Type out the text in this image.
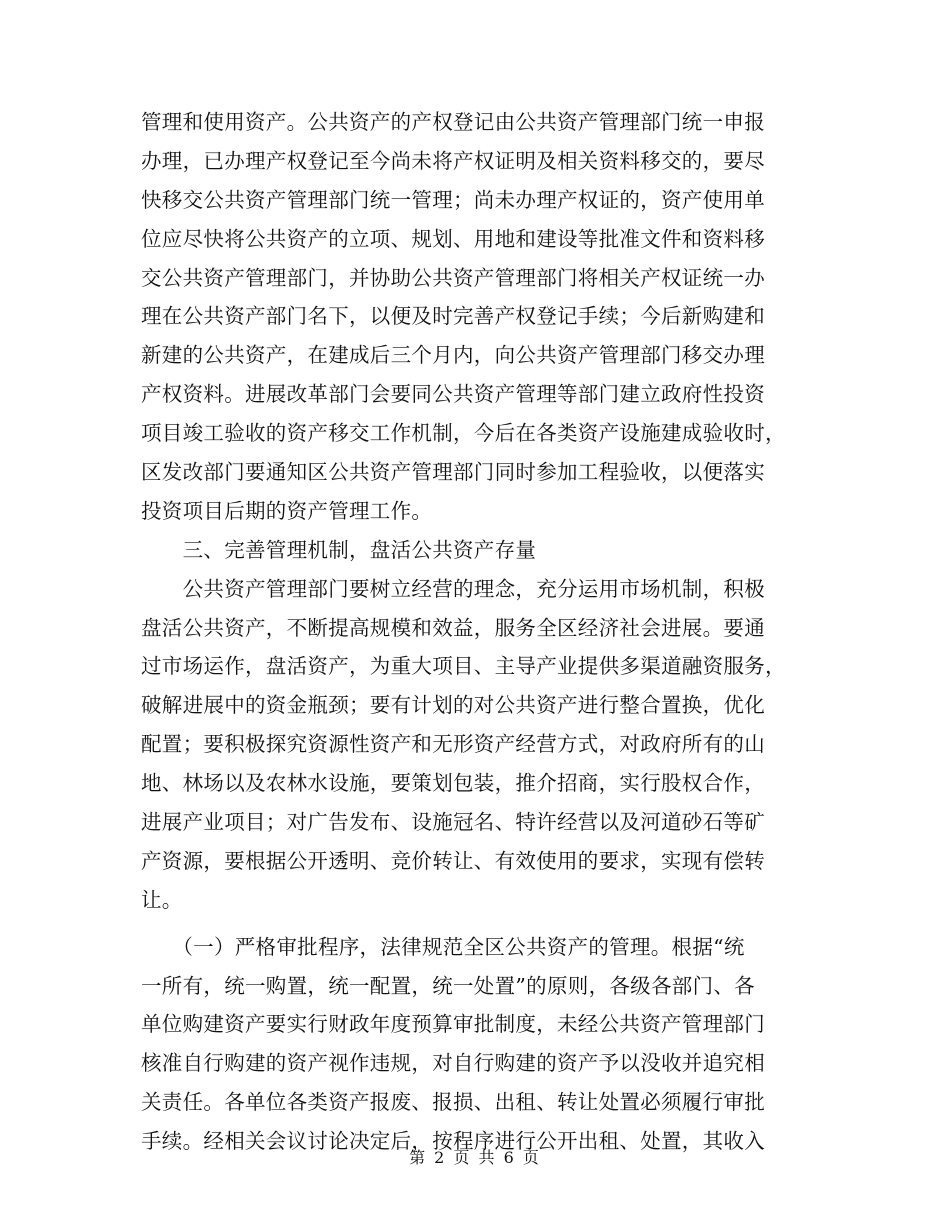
管理和使用资产。公共资产的产权登记由公共资产管理部门统一申报
办理，已办理产权登记至今尚未将产权证明及相关资料移交的，要尽
快移交公共资产管理部门统一管理；尚未办理产权证的，资产使用单
位应尽快将公共资产的立项、规划、用地和建设等批准文件和资料移
交公共资产管理部门，并协助公共资产管理部门将相关产权证统一办
理在公共资产部门名下，以便及时完善产权登记手续；今后新购建和
新建的公共资产，在建成后三个月内，向公共资产管理部门移交办理
产权资料。进展改革部门会要同公共资产管理等部门建立政府性投资
项目竣工验收的资产移交工作机制，今后在各类资产设施建成验收时，
区发改部门要通知区公共资产管理部门同时参加工程验收，以便落实
投资项目后期的资产管理工作。
　　三、完善管理机制，盘活公共资产存量
　　公共资产管理部门要树立经营的理念，充分运用市场机制，积极
盘活公共资产，不断提高规模和效益，服务全区经济社会进展。要通
过市场运作，盘活资产，为重大项目、主导产业提供多渠道融资服务，
破解进展中的资金瓶颈；要有计划的对公共资产进行整合置换，优化
配置；要积极探究资源性资产和无形资产经营方式，对政府所有的山
地、林场以及农林水设施，要策划包装，推介招商，实行股权合作，
进展产业项目；对广告发布、设施冠名、特许经营以及河道砂石等矿
产资源，要根据公开透明、竞价转让、有效使用的要求，实现有偿转
让。
　　（一）严格审批程序，法律规范全区公共资产的管理。根据“统
一所有，统一购置，统一配置，统一处置”的原则，各级各部门、各
单位购建资产要实行财政年度预算审批制度，未经公共资产管理部门
核准自行购建的资产视作违规，对自行购建的资产予以没收并追究相
关责任。各单位各类资产报废、报损、出租、转让处置必须履行审批
手续。经相关会议讨论决定后，按程序进行公开出租、处置，其收入
第 2 页 共 6 页
